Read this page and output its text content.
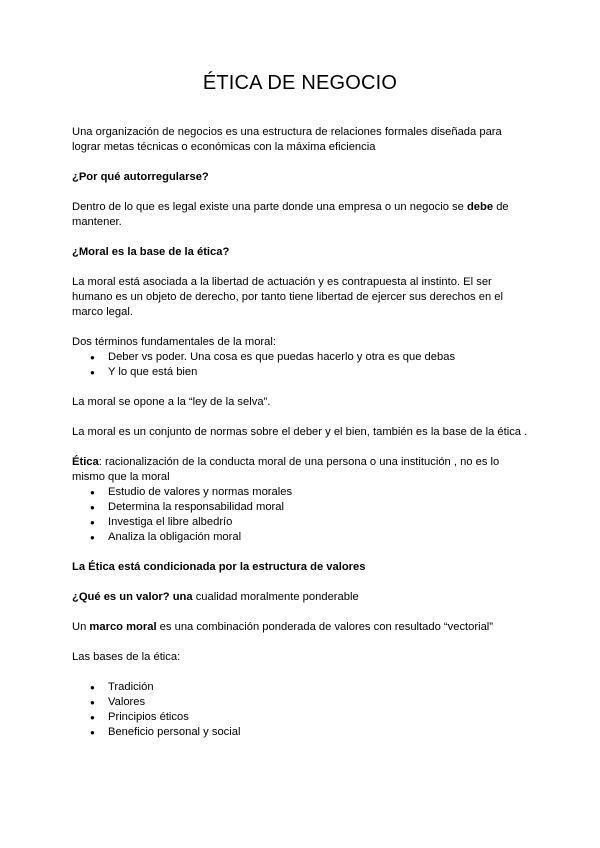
ÉTICA DE NEGOCIO

Una organización de negocios es una estructura de relaciones formales diseñada para lograr metas técnicas o económicas con la máxima eficiencia

¿Por qué autorregularse?

Dentro de lo que es legal existe una parte donde una empresa o un negocio se debe de mantener.

¿Moral es la base de la ética?

La moral está asociada a la libertad de actuación y es contrapuesta al instinto. El ser humano es un objeto de derecho, por tanto tiene libertad de ejercer sus derechos en el marco legal.

Dos términos fundamentales de la moral:

● Deber vs poder. Una cosa es que puedas hacerlo y otra es que debas
● Y lo que está bien

La moral se opone a la “ley de la selva”.

La moral es un conjunto de normas sobre el deber y el bien, también es la base de la ética .

Ética: racionalización de la conducta moral de una persona o una institución , no es lo mismo que la moral

● Estudio de valores y normas morales
● Determina la responsabilidad moral
● Investiga el libre albedrío
● Analiza la obligación moral

La Ética está condicionada por la estructura de valores

¿Qué es un valor? una cualidad moralmente ponderable

Un marco moral es una combinación ponderada de valores con resultado “vectorial”

Las bases de la ética:

● Tradición
● Valores
● Principios éticos
● Beneficio personal y social
